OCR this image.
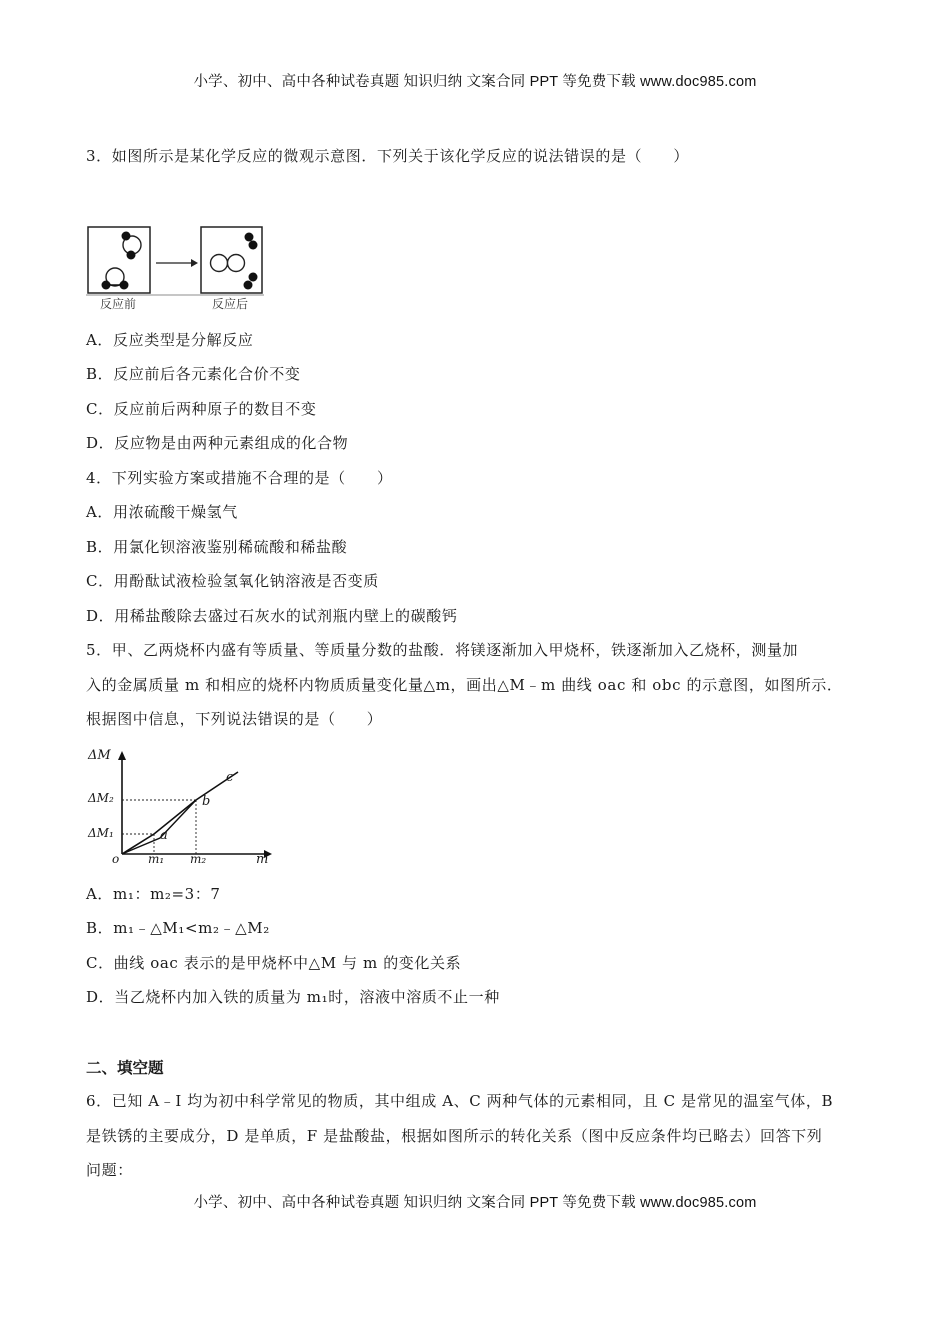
小学、初中、高中各种试卷真题 知识归纳 文案合同 PPT 等免费下载 www.doc985.com
3．如图所示是某化学反应的微观示意图．下列关于该化学反应的说法错误的是（　　）
反应前	反应后
A．反应类型是分解反应
B．反应前后各元素化合价不变
C．反应前后两种原子的数目不变
D．反应物是由两种元素组成的化合物
4．下列实验方案或措施不合理的是（　　）
A．用浓硫酸干燥氢气
B．用氯化钡溶液鉴别稀硫酸和稀盐酸
C．用酚酞试液检验氢氧化钠溶液是否变质
D．用稀盐酸除去盛过石灰水的试剂瓶内壁上的碳酸钙
5．甲、乙两烧杯内盛有等质量、等质量分数的盐酸．将镁逐渐加入甲烧杯，铁逐渐加入乙烧杯，测量加
入的金属质量 m 和相应的烧杯内物质质量变化量△m，画出△M﹣m 曲线 oac 和 obc 的示意图，如图所示．
根据图中信息，下列说法错误的是（　　）
ΔM
ΔM₂
ΔM₁
o m₁ m₂	m
a
b
c
A．m₁：m₂=3：7
B．m₁﹣△M₁<m₂﹣△M₂
C．曲线 oac 表示的是甲烧杯中△M 与 m 的变化关系
D．当乙烧杯内加入铁的质量为 m₁时，溶液中溶质不止一种
二、填空题
6．已知 A﹣I 均为初中科学常见的物质，其中组成 A、C 两种气体的元素相同，且 C 是常见的温室气体，B
是铁锈的主要成分，D 是单质，F 是盐酸盐，根据如图所示的转化关系（图中反应条件均已略去）回答下列
问题：
小学、初中、高中各种试卷真题 知识归纳 文案合同 PPT 等免费下载 www.doc985.com
